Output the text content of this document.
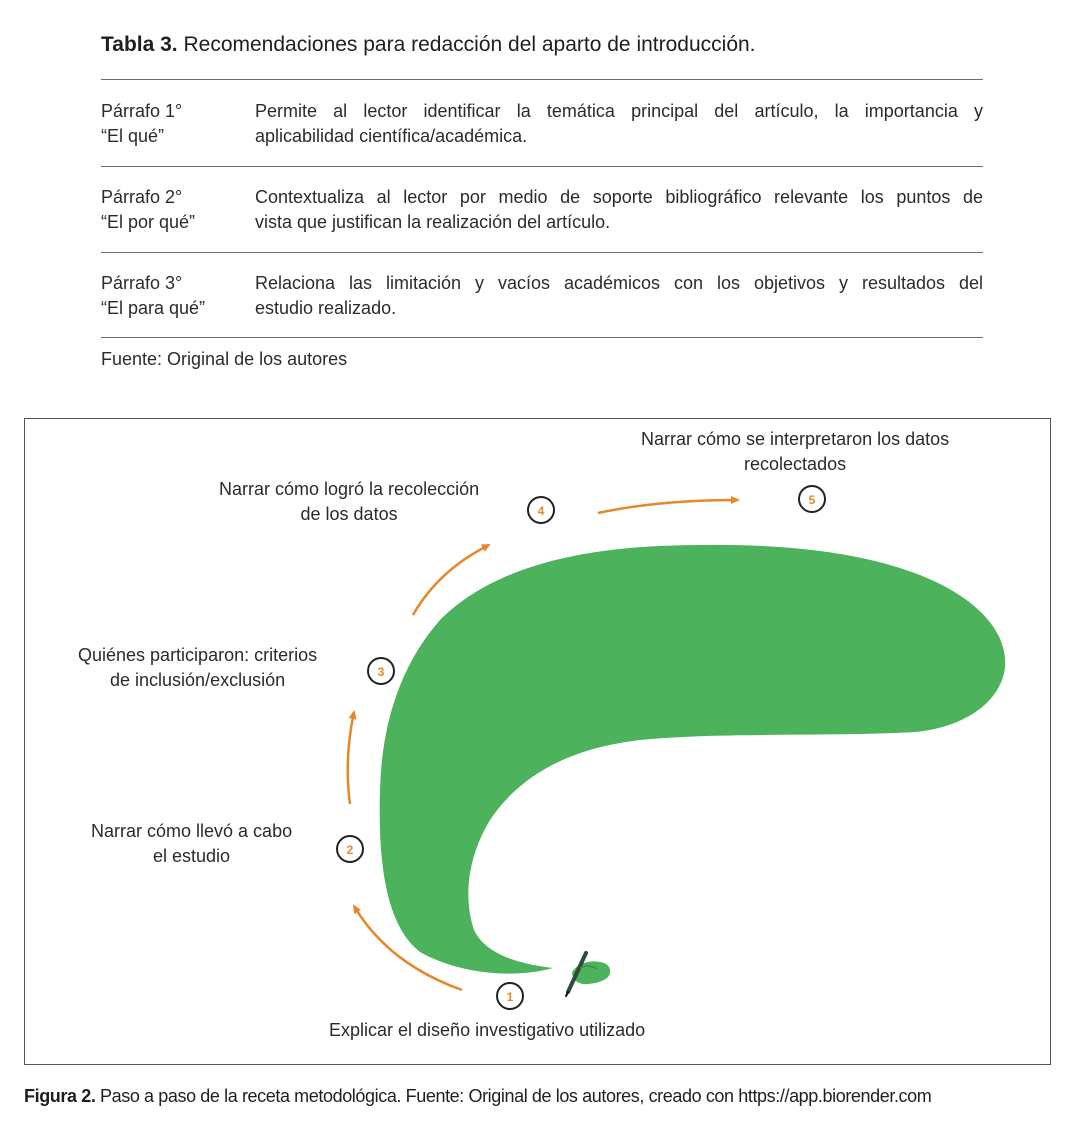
Tabla 3. Recomendaciones para redacción del aparto de introducción.
Párrafo 1°
“El qué”
Permite al lector identificar la temática principal del artículo, la importancia y
aplicabilidad científica/académica.
Párrafo 2°
“El por qué”
Contextualiza al lector por medio de soporte bibliográfico relevante los puntos de
vista que justifican la realización del artículo.
Párrafo 3°
“El para qué”
Relaciona las limitación y vacíos académicos con los objetivos y resultados del
estudio realizado.
Fuente: Original de los autores
1
2
3
4
5
Narrar cómo se interpretaron los datos
recolectados
Narrar cómo logró la recolección
de los datos
Quiénes participaron: criterios
de inclusión/exclusión
Narrar cómo llevó a cabo
el estudio
Explicar el diseño investigativo utilizado
Figura 2. Paso a paso de la receta metodológica. Fuente: Original de los autores, creado con https://app.biorender.com
